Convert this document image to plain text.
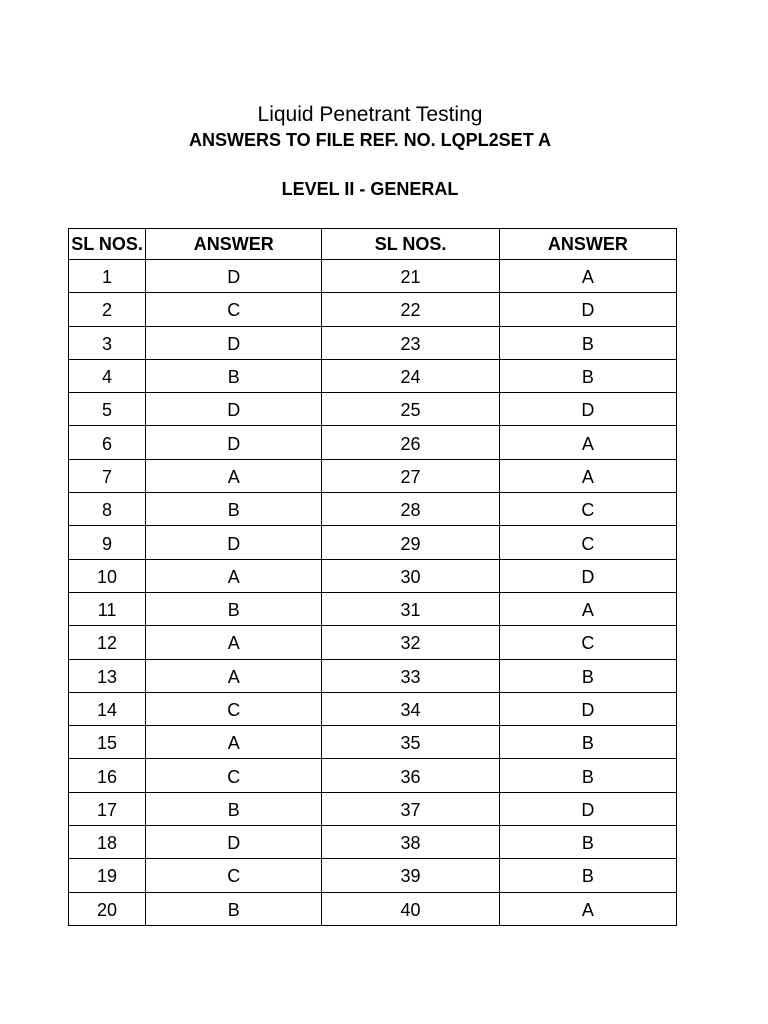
Liquid Penetrant Testing
ANSWERS TO FILE REF. NO. LQPL2SET A
LEVEL II - GENERAL
SL NOS.	ANSWER	SL NOS.	ANSWER
1	D	21	A
2	C	22	D
3	D	23	B
4	B	24	B
5	D	25	D
6	D	26	A
7	A	27	A
8	B	28	C
9	D	29	C
10	A	30	D
11	B	31	A
12	A	32	C
13	A	33	B
14	C	34	D
15	A	35	B
16	C	36	B
17	B	37	D
18	D	38	B
19	C	39	B
20	B	40	A
